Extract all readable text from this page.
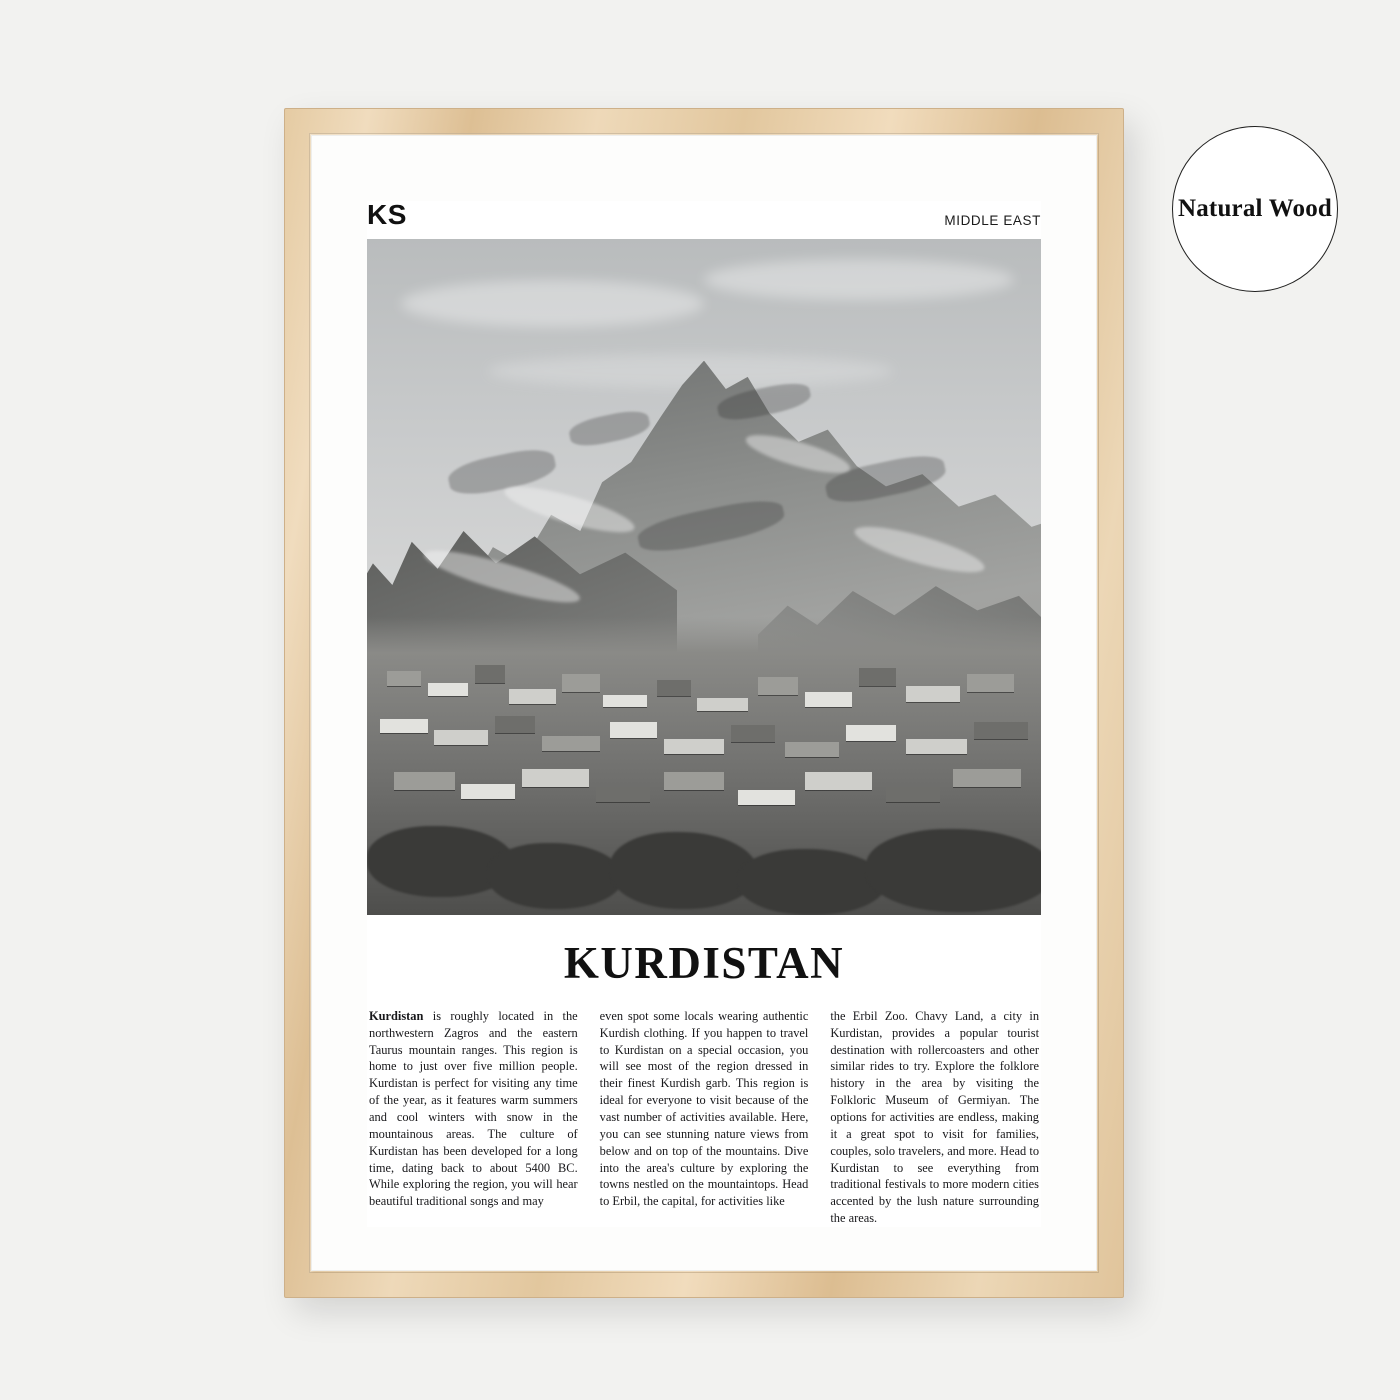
Natural Wood
KS	MIDDLE EAST
KURDISTAN
Kurdistan is roughly located in the northwestern Zagros and the eastern Taurus mountain ranges. This region is home to just over five million people. Kurdistan is perfect for visiting any time of the year, as it features warm summers and cool winters with snow in the mountainous areas. The culture of Kurdistan has been developed for a long time, dating back to about 5400 BC. While exploring the region, you will hear beautiful traditional songs and may
even spot some locals wearing authentic Kurdish clothing. If you happen to travel to Kurdistan on a special occasion, you will see most of the region dressed in their finest Kurdish garb. This region is ideal for everyone to visit because of the vast number of activities available. Here, you can see stunning nature views from below and on top of the mountains. Dive into the area's culture by exploring the towns nestled on the mountaintops. Head to Erbil, the capital, for activities like
the Erbil Zoo. Chavy Land, a city in Kurdistan, provides a popular tourist destination with rollercoasters and other similar rides to try. Explore the folklore history in the area by visiting the Folkloric Museum of Germiyan. The options for activities are endless, making it a great spot to visit for families, couples, solo travelers, and more. Head to Kurdistan to see everything from traditional festivals to more modern cities accented by the lush nature surrounding the areas.
